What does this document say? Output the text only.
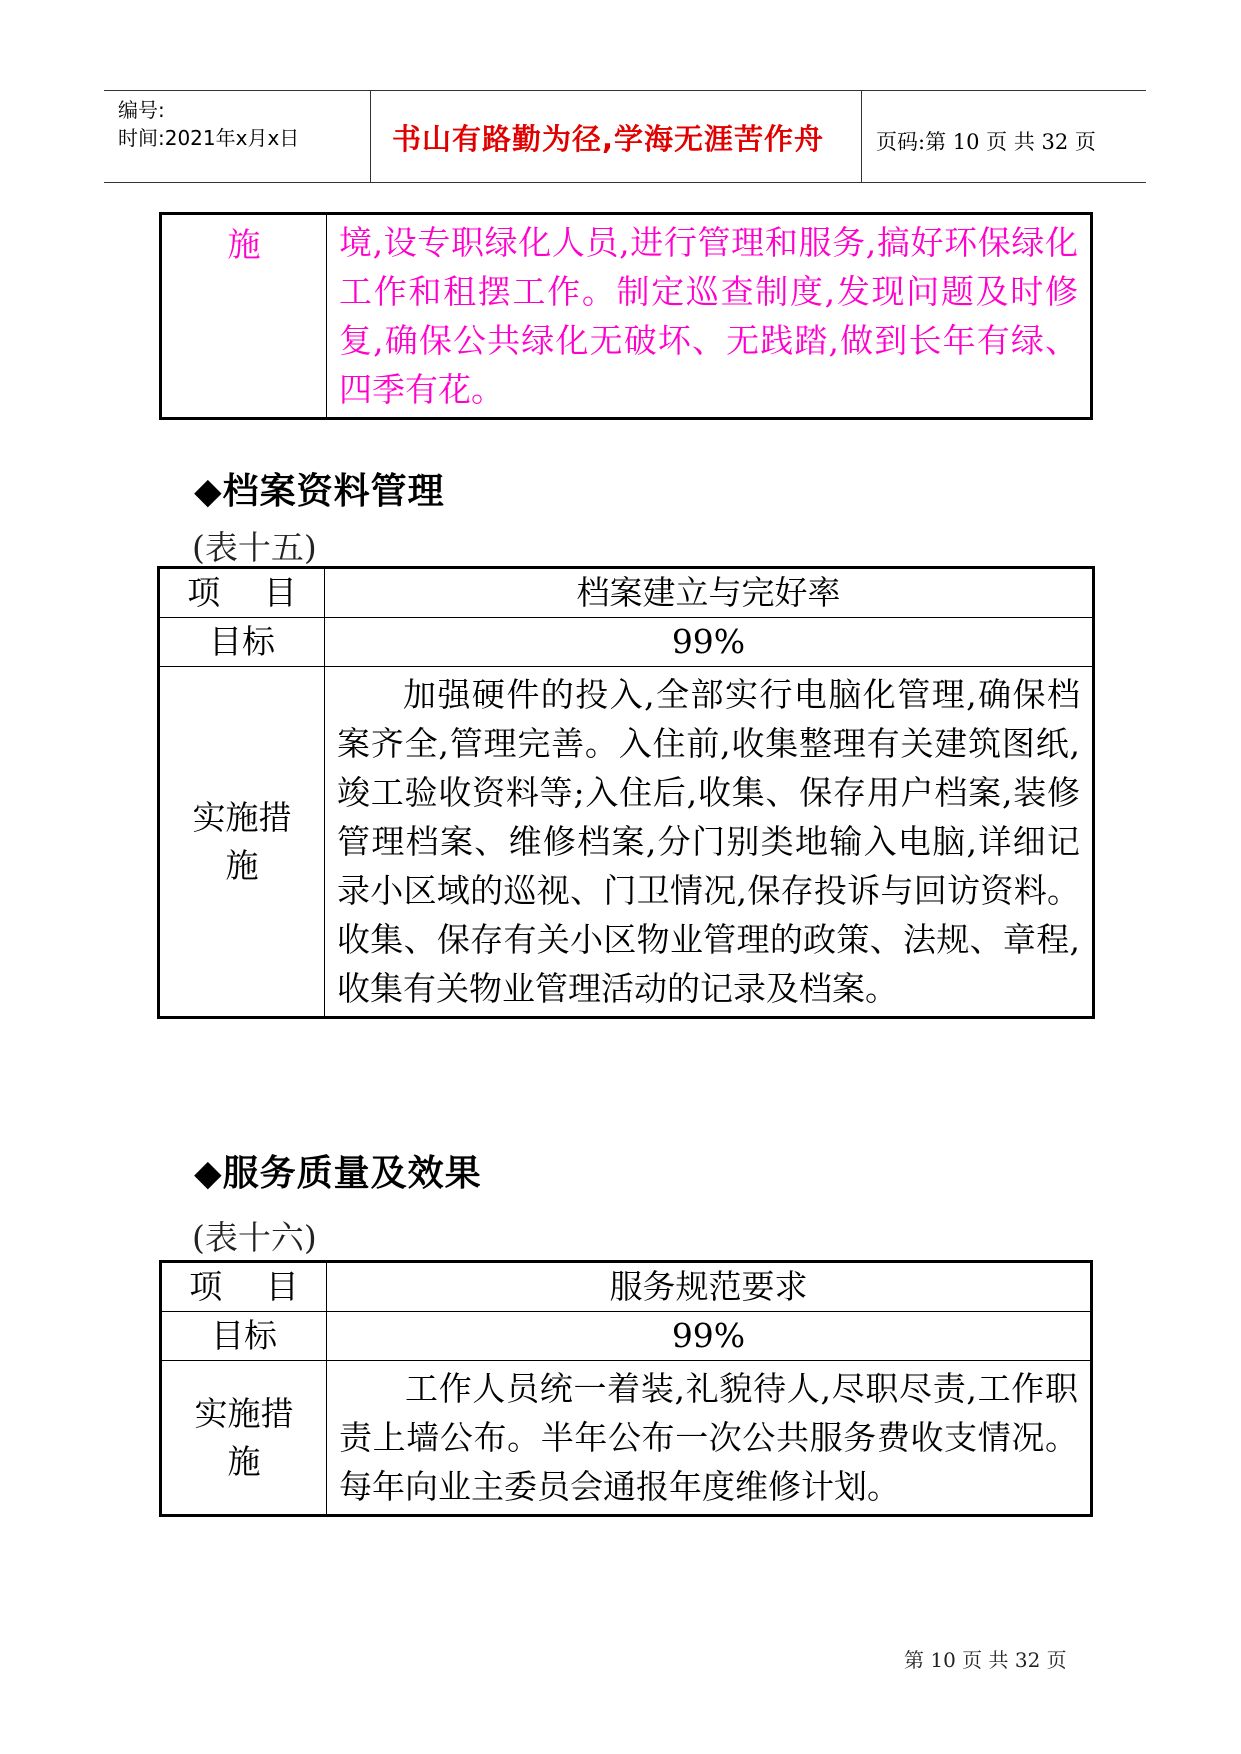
编号:
时间:2021年x月x日	书山有路勤为径,学海无涯苦作舟 页码:第 10 页 共 32 页
施	境,设专职绿化人员,进行管理和服务,搞好环保绿化工作和租摆工作。制定巡查制度,发现问题及时修复,确保公共绿化无破坏、无践踏,做到长年有绿、四季有花。
◆档案资料管理
(表十五)
项　 目	档案建立与完好率
目标	99%

实施措
施	加强硬件的投入,全部实行电脑化管理,确保档案齐全,管理完善。入住前,收集整理有关建筑图纸,竣工验收资料等;入住后,收集、保存用户档案,装修管理档案、维修档案,分门别类地输入电脑,详细记录小区域的巡视、门卫情况,保存投诉与回访资料。收集、保存有关小区物业管理的政策、法规、章程,收集有关物业管理活动的记录及档案。
◆服务质量及效果
(表十六)
项　 目	服务规范要求
目标	99%

实施措
施	工作人员统一着装,礼貌待人,尽职尽责,工作职责上墙公布。半年公布一次公共服务费收支情况。每年向业主委员会通报年度维修计划。
第 10 页 共 32 页
